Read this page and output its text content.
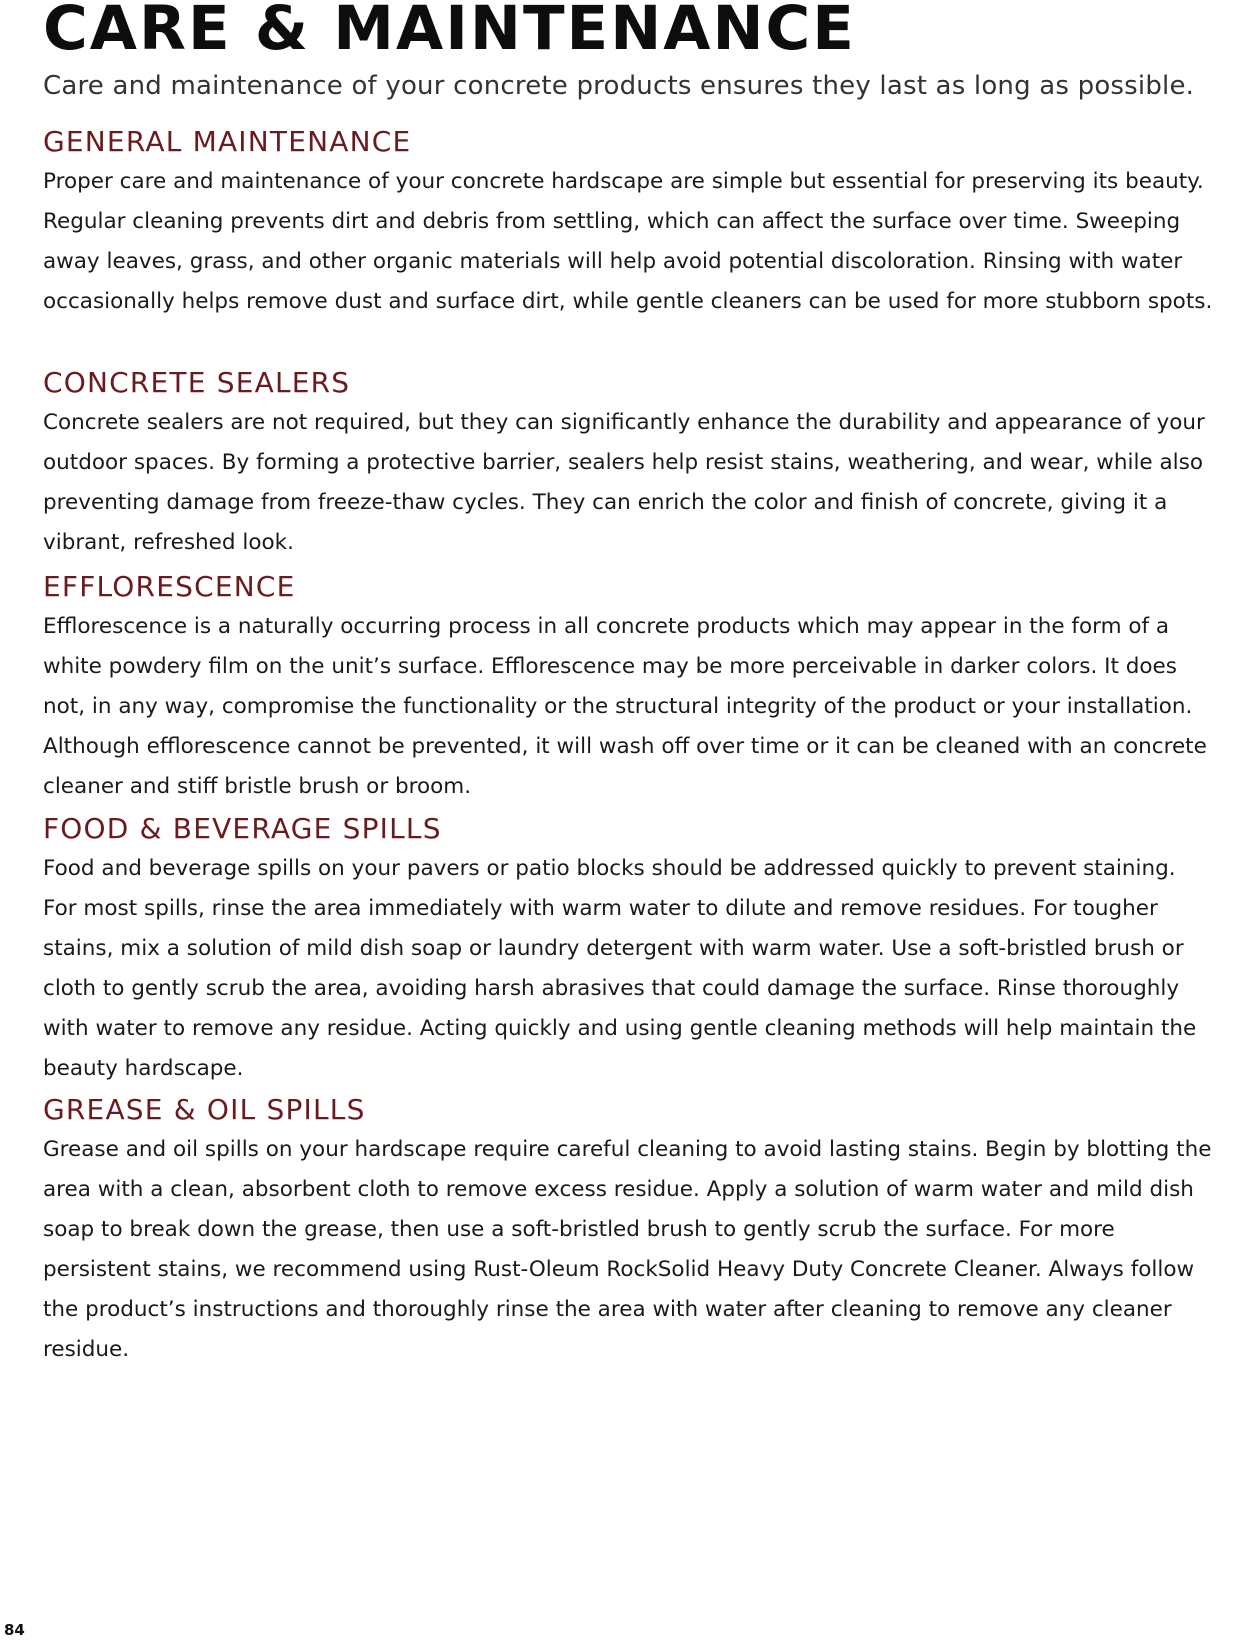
CARE & MAINTENANCE

Care and maintenance of your concrete products ensures they last as long as possible.

GENERAL MAINTENANCE

Proper care and maintenance of your concrete hardscape are simple but essential for preserving its beauty. Regular cleaning prevents dirt and debris from settling, which can affect the surface over time. Sweeping away leaves, grass, and other organic materials will help avoid potential discoloration. Rinsing with water occasionally helps remove dust and surface dirt, while gentle cleaners can be used for more stubborn spots.

CONCRETE SEALERS

Concrete sealers are not required, but they can significantly enhance the durability and appearance of your outdoor spaces. By forming a protective barrier, sealers help resist stains, weathering, and wear, while also preventing damage from freeze-thaw cycles. They can enrich the color and finish of concrete, giving it a vibrant, refreshed look.

EFFLORESCENCE

Efflorescence is a naturally occurring process in all concrete products which may appear in the form of a white powdery film on the unit’s surface. Efflorescence may be more perceivable in darker colors. It does not, in any way, compromise the functionality or the structural integrity of the product or your installation. Although efflorescence cannot be prevented, it will wash off over time or it can be cleaned with an concrete cleaner and stiff bristle brush or broom.

FOOD & BEVERAGE SPILLS

Food and beverage spills on your pavers or patio blocks should be addressed quickly to prevent staining. For most spills, rinse the area immediately with warm water to dilute and remove residues. For tougher stains, mix a solution of mild dish soap or laundry detergent with warm water. Use a soft-bristled brush or cloth to gently scrub the area, avoiding harsh abrasives that could damage the surface. Rinse thoroughly with water to remove any residue. Acting quickly and using gentle cleaning methods will help maintain the beauty hardscape.

GREASE & OIL SPILLS

Grease and oil spills on your hardscape require careful cleaning to avoid lasting stains. Begin by blotting the area with a clean, absorbent cloth to remove excess residue. Apply a solution of warm water and mild dish soap to break down the grease, then use a soft-bristled brush to gently scrub the surface. For more persistent stains, we recommend using Rust-Oleum RockSolid Heavy Duty Concrete Cleaner. Always follow the product’s instructions and thoroughly rinse the area with water after cleaning to remove any cleaner residue.

84
